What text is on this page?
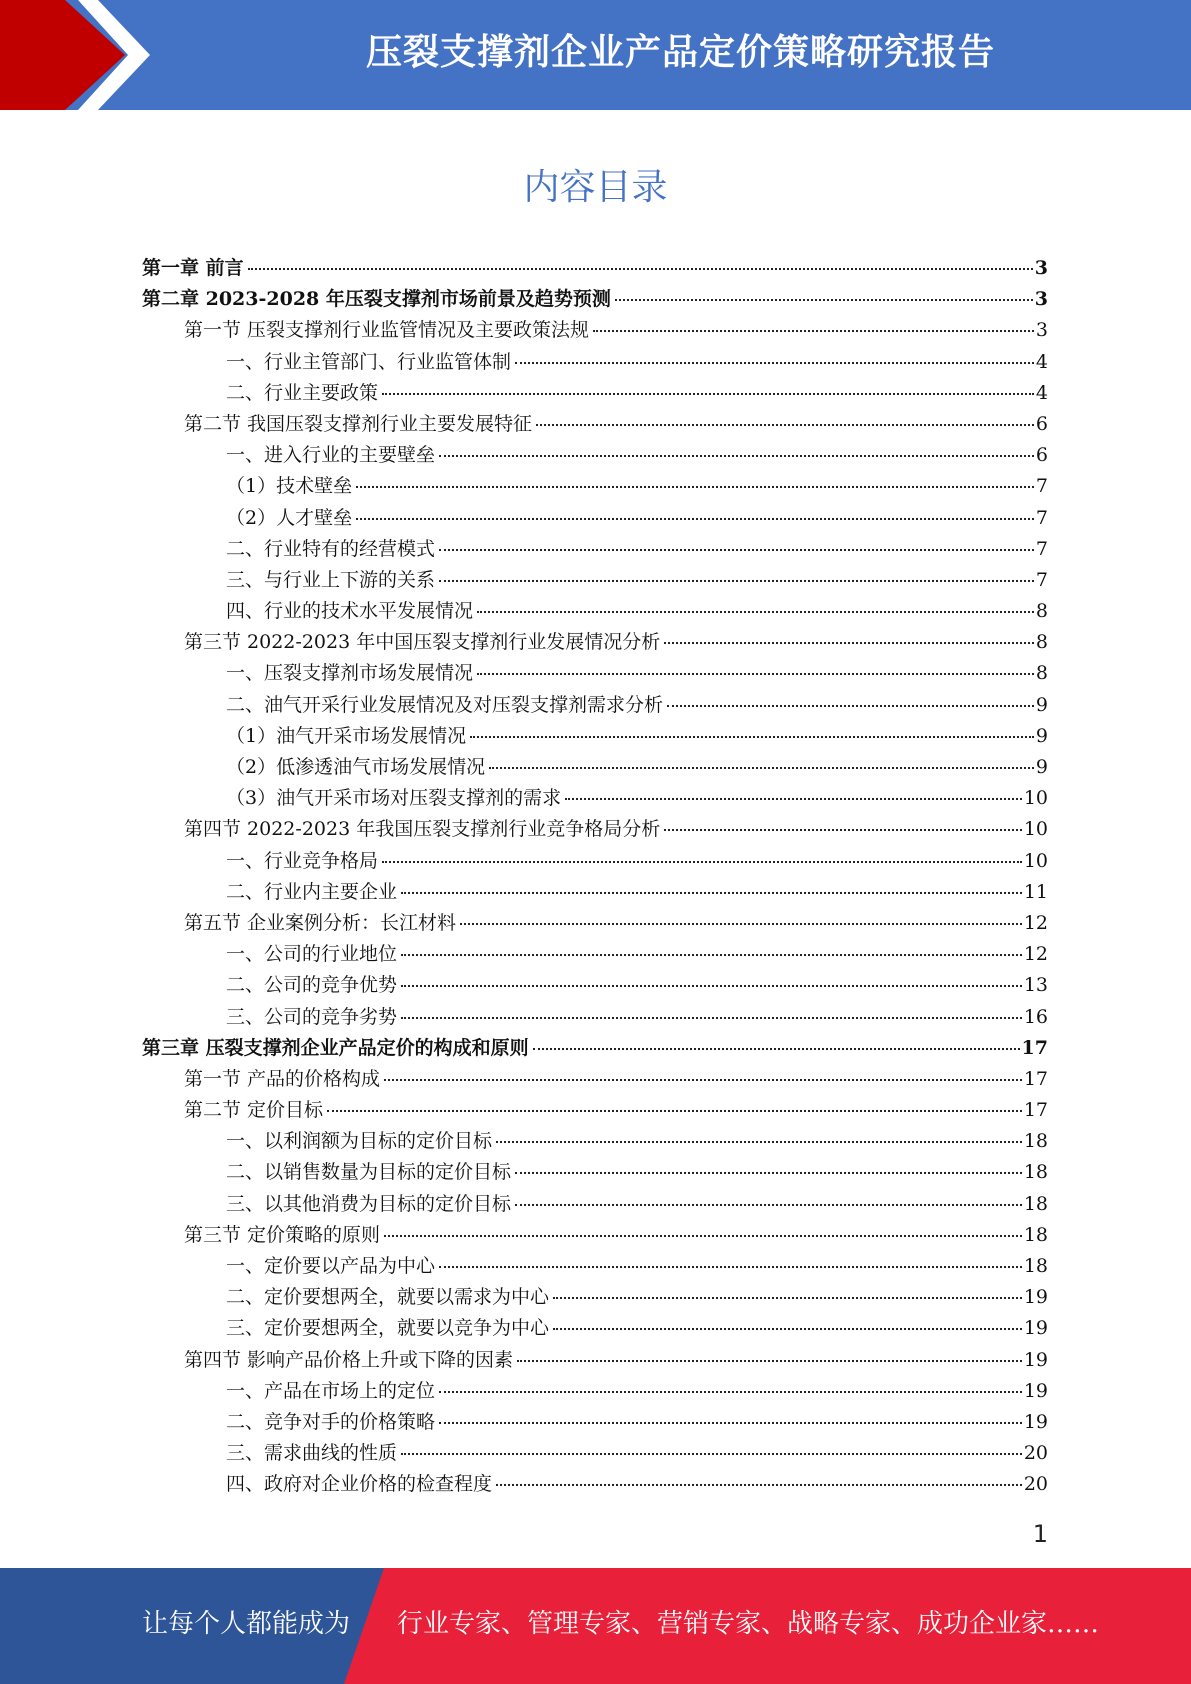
压裂支撑剂企业产品定价策略研究报告
内容目录
第一章 前言	3
第二章 2023-2028 年压裂支撑剂市场前景及趋势预测	3
第一节 压裂支撑剂行业监管情况及主要政策法规	3
一、行业主管部门、行业监管体制	4
二、行业主要政策	4
第二节 我国压裂支撑剂行业主要发展特征	6
一、进入行业的主要壁垒	6
（1）技术壁垒	7
（2）人才壁垒	7
二、行业特有的经营模式	7
三、与行业上下游的关系	7
四、行业的技术水平发展情况	8
第三节 2022-2023 年中国压裂支撑剂行业发展情况分析	8
一、压裂支撑剂市场发展情况	8
二、油气开采行业发展情况及对压裂支撑剂需求分析	9
（1）油气开采市场发展情况	9
（2）低渗透油气市场发展情况	9
（3）油气开采市场对压裂支撑剂的需求	10
第四节 2022-2023 年我国压裂支撑剂行业竞争格局分析	10
一、行业竞争格局	10
二、行业内主要企业	11
第五节 企业案例分析：长江材料	12
一、公司的行业地位	12
二、公司的竞争优势	13
三、公司的竞争劣势	16
第三章 压裂支撑剂企业产品定价的构成和原则	17
第一节 产品的价格构成	17
第二节 定价目标	17
一、以利润额为目标的定价目标	18
二、以销售数量为目标的定价目标	18
三、以其他消费为目标的定价目标	18
第三节 定价策略的原则	18
一、定价要以产品为中心	18
二、定价要想两全，就要以需求为中心	19
三、定价要想两全，就要以竞争为中心	19
第四节 影响产品价格上升或下降的因素	19
一、产品在市场上的定位	19
二、竞争对手的价格策略	19
三、需求曲线的性质	20
四、政府对企业价格的检查程度	20
1
让每个人都能成为 行业专家、管理专家、营销专家、战略专家、成功企业家……
